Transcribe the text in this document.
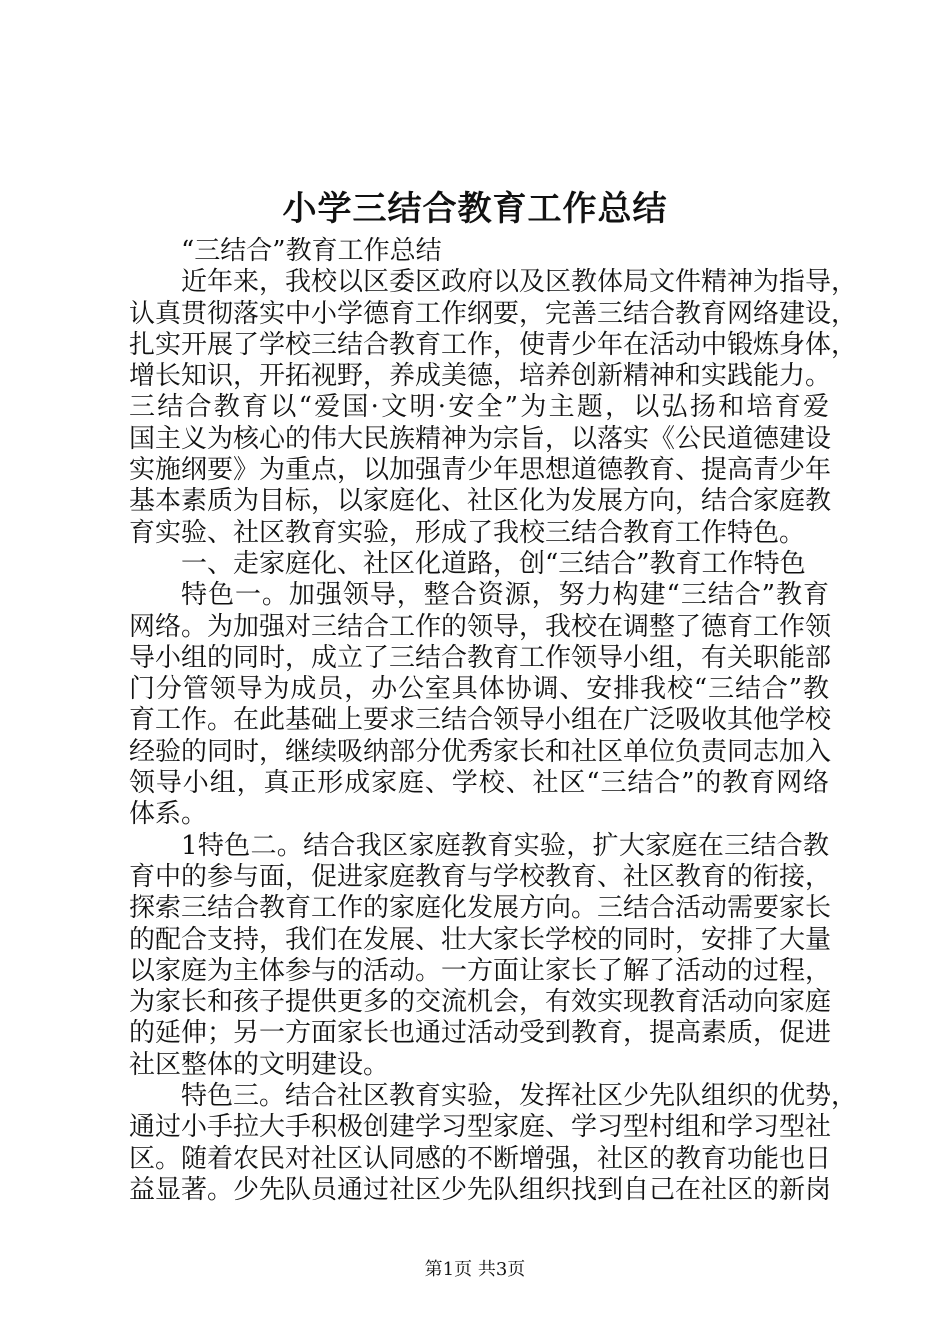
小学三结合教育工作总结
“三结合”教育工作总结
近年来，我校以区委区政府以及区教体局文件精神为指导，
认真贯彻落实中小学德育工作纲要，完善三结合教育网络建设，
扎实开展了学校三结合教育工作，使青少年在活动中锻炼身体，
增长知识，开拓视野，养成美德，培养创新精神和实践能力。
三结合教育以“爱国·文明·安全”为主题，以弘扬和培育爱
国主义为核心的伟大民族精神为宗旨，以落实《公民道德建设
实施纲要》为重点，以加强青少年思想道德教育、提高青少年
基本素质为目标，以家庭化、社区化为发展方向，结合家庭教
育实验、社区教育实验，形成了我校三结合教育工作特色。
一、走家庭化、社区化道路，创“三结合”教育工作特色
特色一。加强领导，整合资源，努力构建“三结合”教育
网络。为加强对三结合工作的领导，我校在调整了德育工作领
导小组的同时，成立了三结合教育工作领导小组，有关职能部
门分管领导为成员，办公室具体协调、安排我校“三结合”教
育工作。在此基础上要求三结合领导小组在广泛吸收其他学校
经验的同时，继续吸纳部分优秀家长和社区单位负责同志加入
领导小组，真正形成家庭、学校、社区“三结合”的教育网络
体系。
1特色二。结合我区家庭教育实验，扩大家庭在三结合教
育中的参与面，促进家庭教育与学校教育、社区教育的衔接，
探索三结合教育工作的家庭化发展方向。三结合活动需要家长
的配合支持，我们在发展、壮大家长学校的同时，安排了大量
以家庭为主体参与的活动。一方面让家长了解了活动的过程，
为家长和孩子提供更多的交流机会，有效实现教育活动向家庭
的延伸；另一方面家长也通过活动受到教育，提高素质，促进
社区整体的文明建设。
特色三。结合社区教育实验，发挥社区少先队组织的优势，
通过小手拉大手积极创建学习型家庭、学习型村组和学习型社
区。随着农民对社区认同感的不断增强，社区的教育功能也日
益显著。少先队员通过社区少先队组织找到自己在社区的新岗
第1页 共3页
